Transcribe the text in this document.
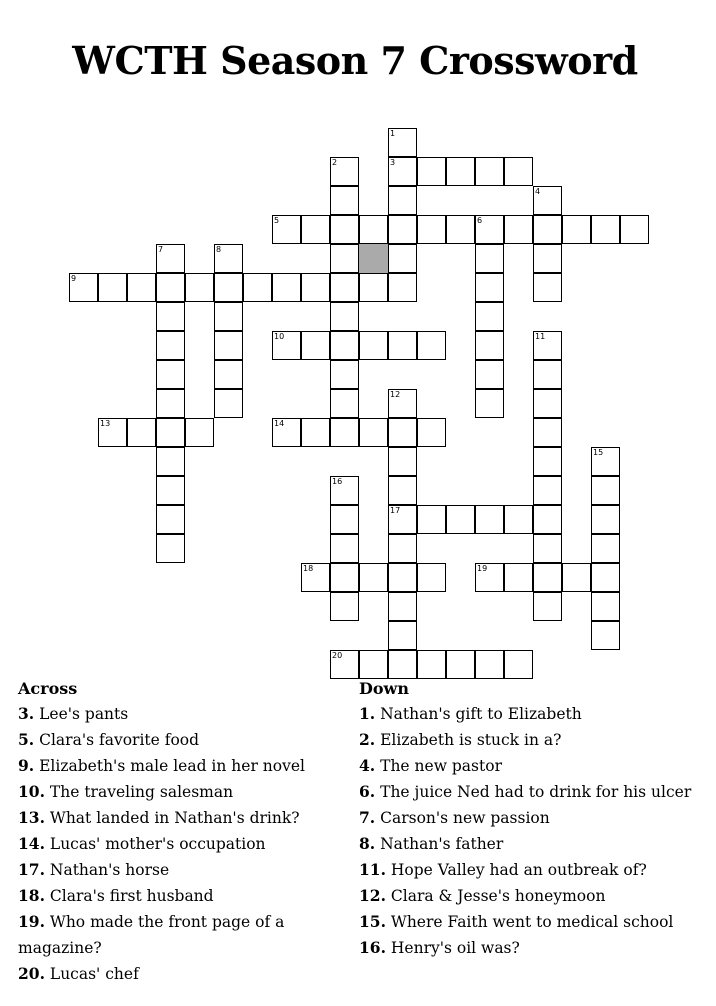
WCTH Season 7 Crossword
3
5	6
9
10
13	14
17
18	19
20
1
2
4
7	8
11
12
15
16
Across
3. Lee's pants
5. Clara's favorite food
9. Elizabeth's male lead in her novel
10. The traveling salesman
13. What landed in Nathan's drink?
14. Lucas' mother's occupation
17. Nathan's horse
18. Clara's first husband
19. Who made the front page of a magazine?
20. Lucas' chef
Down
1. Nathan's gift to Elizabeth
2. Elizabeth is stuck in a?
4. The new pastor
6. The juice Ned had to drink for his ulcer
7. Carson's new passion
8. Nathan's father
11. Hope Valley had an outbreak of?
12. Clara & Jesse's honeymoon
15. Where Faith went to medical school
16. Henry's oil was?
